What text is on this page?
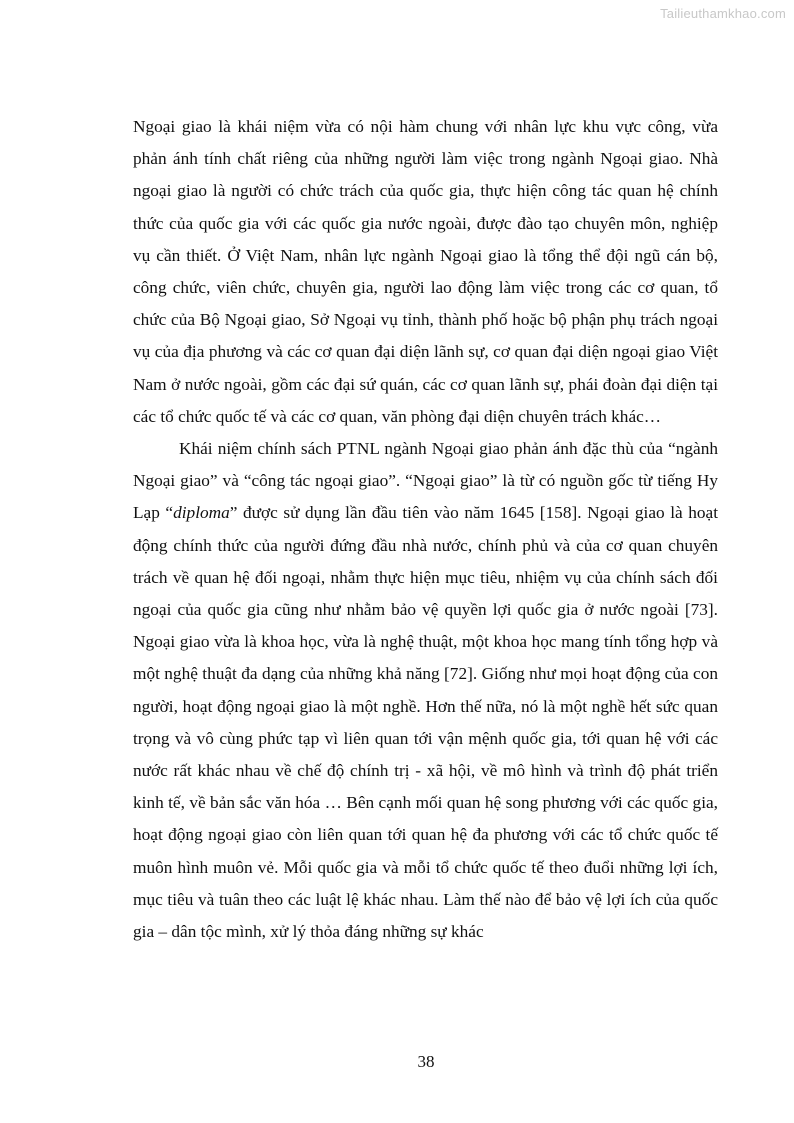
Tailieuthamkhao.com

Ngoại giao là khái niệm vừa có nội hàm chung với nhân lực khu vực công, vừa phản ánh tính chất riêng của những người làm việc trong ngành Ngoại giao. Nhà ngoại giao là người có chức trách của quốc gia, thực hiện công tác quan hệ chính thức của quốc gia với các quốc gia nước ngoài, được đào tạo chuyên môn, nghiệp vụ cần thiết. Ở Việt Nam, nhân lực ngành Ngoại giao là tổng thể đội ngũ cán bộ, công chức, viên chức, chuyên gia, người lao động làm việc trong các cơ quan, tổ chức của Bộ Ngoại giao, Sở Ngoại vụ tỉnh, thành phố hoặc bộ phận phụ trách ngoại vụ của địa phương và các cơ quan đại diện lãnh sự, cơ quan đại diện ngoại giao Việt Nam ở nước ngoài, gồm các đại sứ quán, các cơ quan lãnh sự, phái đoàn đại diện tại các tổ chức quốc tế và các cơ quan, văn phòng đại diện chuyên trách khác…

Khái niệm chính sách PTNL ngành Ngoại giao phản ánh đặc thù của “ngành Ngoại giao” và “công tác ngoại giao”. “Ngoại giao” là từ có nguồn gốc từ tiếng Hy Lạp “diploma” được sử dụng lần đầu tiên vào năm 1645 [158]. Ngoại giao là hoạt động chính thức của người đứng đầu nhà nước, chính phủ và của cơ quan chuyên trách về quan hệ đối ngoại, nhằm thực hiện mục tiêu, nhiệm vụ của chính sách đối ngoại của quốc gia cũng như nhằm bảo vệ quyền lợi quốc gia ở nước ngoài [73]. Ngoại giao vừa là khoa học, vừa là nghệ thuật, một khoa học mang tính tổng hợp và một nghệ thuật đa dạng của những khả năng [72]. Giống như mọi hoạt động của con người, hoạt động ngoại giao là một nghề. Hơn thế nữa, nó là một nghề hết sức quan trọng và vô cùng phức tạp vì liên quan tới vận mệnh quốc gia, tới quan hệ với các nước rất khác nhau về chế độ chính trị - xã hội, về mô hình và trình độ phát triển kinh tế, về bản sắc văn hóa … Bên cạnh mối quan hệ song phương với các quốc gia, hoạt động ngoại giao còn liên quan tới quan hệ đa phương với các tổ chức quốc tế muôn hình muôn vẻ. Mỗi quốc gia và mỗi tổ chức quốc tế theo đuổi những lợi ích, mục tiêu và tuân theo các luật lệ khác nhau. Làm thế nào để bảo vệ lợi ích của quốc gia – dân tộc mình, xử lý thỏa đáng những sự khác

38
